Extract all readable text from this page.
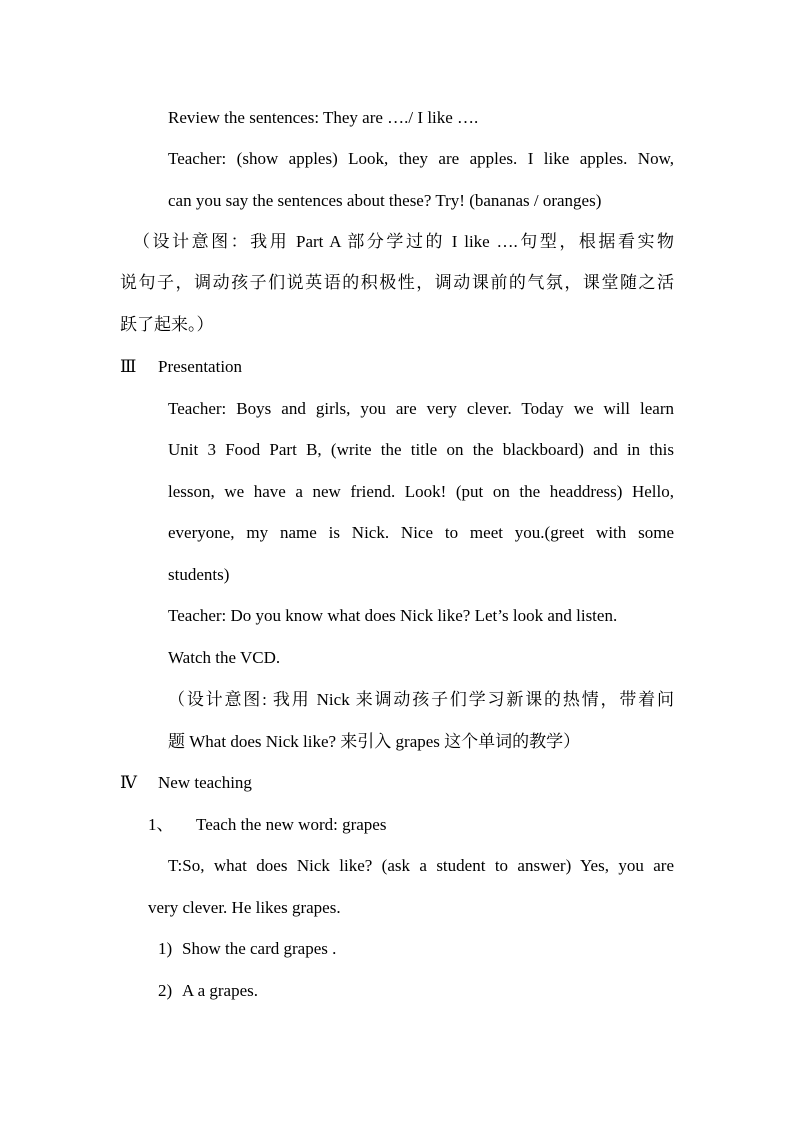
Review the sentences: They are …./ I like ….
Teacher: (show apples) Look, they are apples. I like apples. Now,
can you say the sentences about these? Try! (bananas / oranges)
（设计意图：我用 Part A 部分学过的 I like ….句型，根据看实物
说句子，调动孩子们说英语的积极性，调动课前的气氛，课堂随之活
跃了起来。）
Ⅲ Presentation
Teacher: Boys and girls, you are very clever. Today we will learn
Unit 3 Food Part B, (write the title on the blackboard) and in this
lesson, we have a new friend. Look! (put on the headdress) Hello,
everyone, my name is Nick. Nice to meet you.(greet with some
students)
Teacher: Do you know what does Nick like? Let’s look and listen.
Watch the VCD.
（设计意图: 我用 Nick 来调动孩子们学习新课的热情，带着问
题 What does Nick like? 来引入 grapes 这个单词的教学）
Ⅳ New teaching
1、 Teach the new word: grapes
T:So, what does Nick like? (ask a student to answer) Yes, you are
very clever. He likes grapes.
1) Show the card grapes .
2) A a grapes.
